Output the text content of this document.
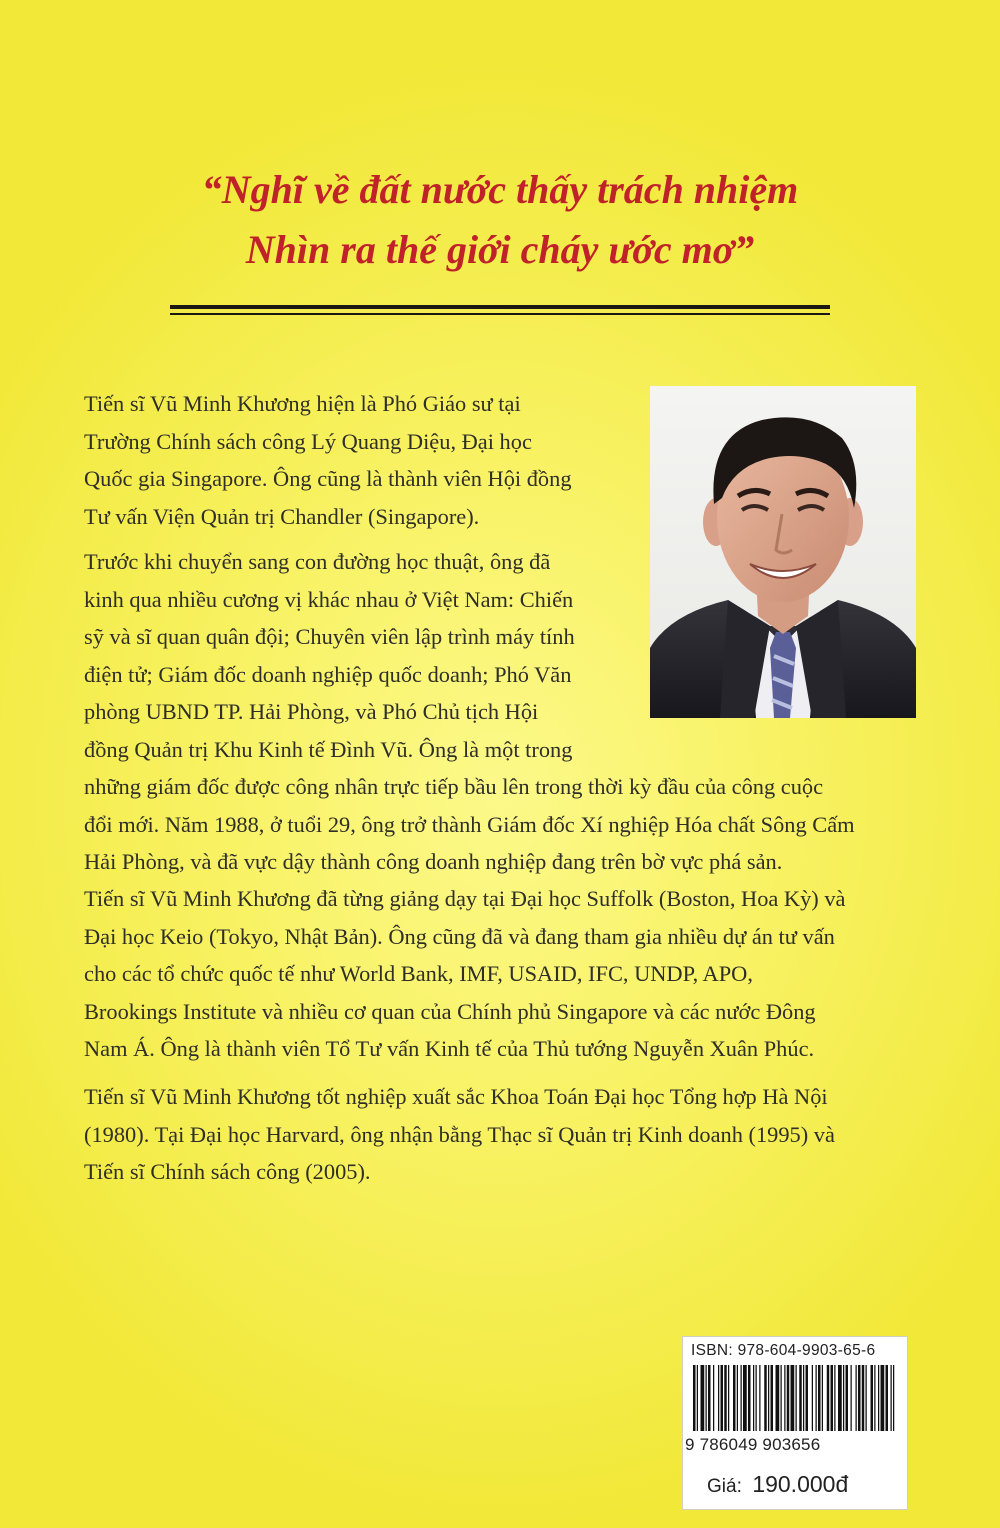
“Nghĩ về đất nước thấy trách nhiệm
Nhìn ra thế giới cháy ước mơ”
Tiến sĩ Vũ Minh Khương hiện là Phó Giáo sư tại
Trường Chính sách công Lý Quang Diệu, Đại học
Quốc gia Singapore. Ông cũng là thành viên Hội đồng
Tư vấn Viện Quản trị Chandler (Singapore).
Trước khi chuyển sang con đường học thuật, ông đã
kinh qua nhiều cương vị khác nhau ở Việt Nam: Chiến
sỹ và sĩ quan quân đội; Chuyên viên lập trình máy tính
điện tử; Giám đốc doanh nghiệp quốc doanh; Phó Văn
phòng UBND TP. Hải Phòng, và Phó Chủ tịch Hội
đồng Quản trị Khu Kinh tế Đình Vũ. Ông là một trong
những giám đốc được công nhân trực tiếp bầu lên trong thời kỳ đầu của công cuộc
đổi mới. Năm 1988, ở tuổi 29, ông trở thành Giám đốc Xí nghiệp Hóa chất Sông Cấm
Hải Phòng, và đã vực dậy thành công doanh nghiệp đang trên bờ vực phá sản.
Tiến sĩ Vũ Minh Khương đã từng giảng dạy tại Đại học Suffolk (Boston, Hoa Kỳ) và
Đại học Keio (Tokyo, Nhật Bản). Ông cũng đã và đang tham gia nhiều dự án tư vấn
cho các tổ chức quốc tế như World Bank, IMF, USAID, IFC, UNDP, APO,
Brookings Institute và nhiều cơ quan của Chính phủ Singapore và các nước Đông
Nam Á. Ông là thành viên Tổ Tư vấn Kinh tế của Thủ tướng Nguyễn Xuân Phúc.
Tiến sĩ Vũ Minh Khương tốt nghiệp xuất sắc Khoa Toán Đại học Tổng hợp Hà Nội
(1980). Tại Đại học Harvard, ông nhận bằng Thạc sĩ Quản trị Kinh doanh (1995) và
Tiến sĩ Chính sách công (2005).
ISBN: 978-604-9903-65-6
9 786049 903656
Giá: 190.000đ
